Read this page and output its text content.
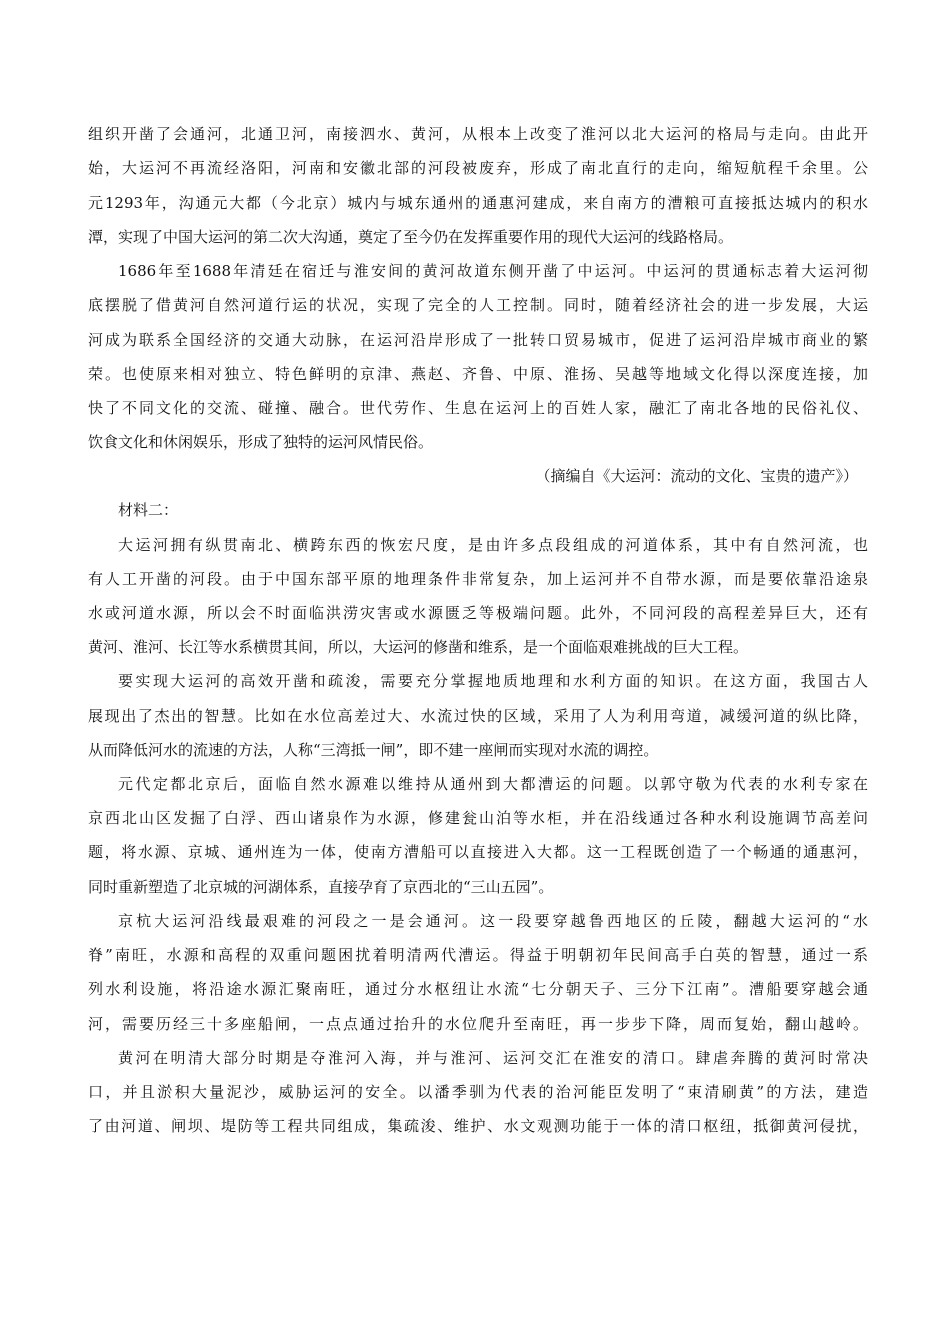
组织开凿了会通河，北通卫河，南接泗水、黄河，从根本上改变了淮河以北大运河的格局与走向。由此开
始，大运河不再流经洛阳，河南和安徽北部的河段被废弃，形成了南北直行的走向，缩短航程千余里。公
元1293年，沟通元大都（今北京）城内与城东通州的通惠河建成，来自南方的漕粮可直接抵达城内的积水
潭，实现了中国大运河的第二次大沟通，奠定了至今仍在发挥重要作用的现代大运河的线路格局。
1686年至1688年清廷在宿迁与淮安间的黄河故道东侧开凿了中运河。中运河的贯通标志着大运河彻
底摆脱了借黄河自然河道行运的状况，实现了完全的人工控制。同时，随着经济社会的进一步发展，大运
河成为联系全国经济的交通大动脉，在运河沿岸形成了一批转口贸易城市，促进了运河沿岸城市商业的繁
荣。也使原来相对独立、特色鲜明的京津、燕赵、齐鲁、中原、淮扬、吴越等地域文化得以深度连接，加
快了不同文化的交流、碰撞、融合。世代劳作、生息在运河上的百姓人家，融汇了南北各地的民俗礼仪、
饮食文化和休闲娱乐，形成了独特的运河风情民俗。
（摘编自《大运河：流动的文化、宝贵的遗产》）
材料二：
大运河拥有纵贯南北、横跨东西的恢宏尺度，是由许多点段组成的河道体系，其中有自然河流，也
有人工开凿的河段。由于中国东部平原的地理条件非常复杂，加上运河并不自带水源，而是要依靠沿途泉
水或河道水源，所以会不时面临洪涝灾害或水源匮乏等极端问题。此外，不同河段的高程差异巨大，还有
黄河、淮河、长江等水系横贯其间，所以，大运河的修凿和维系，是一个面临艰难挑战的巨大工程。
要实现大运河的高效开凿和疏浚，需要充分掌握地质地理和水利方面的知识。在这方面，我国古人
展现出了杰出的智慧。比如在水位高差过大、水流过快的区域，采用了人为利用弯道，减缓河道的纵比降，
从而降低河水的流速的方法，人称“三湾抵一闸”，即不建一座闸而实现对水流的调控。
元代定都北京后，面临自然水源难以维持从通州到大都漕运的问题。以郭守敬为代表的水利专家在
京西北山区发掘了白浮、西山诸泉作为水源，修建瓮山泊等水柜，并在沿线通过各种水利设施调节高差问
题，将水源、京城、通州连为一体，使南方漕船可以直接进入大都。这一工程既创造了一个畅通的通惠河，
同时重新塑造了北京城的河湖体系，直接孕育了京西北的“三山五园”。
京杭大运河沿线最艰难的河段之一是会通河。这一段要穿越鲁西地区的丘陵，翻越大运河的“水
脊”南旺，水源和高程的双重问题困扰着明清两代漕运。得益于明朝初年民间高手白英的智慧，通过一系
列水利设施，将沿途水源汇聚南旺，通过分水枢纽让水流“七分朝天子、三分下江南”。漕船要穿越会通
河，需要历经三十多座船闸，一点点通过抬升的水位爬升至南旺，再一步步下降，周而复始，翻山越岭。
黄河在明清大部分时期是夺淮河入海，并与淮河、运河交汇在淮安的清口。肆虐奔腾的黄河时常决
口，并且淤积大量泥沙，威胁运河的安全。以潘季驯为代表的治河能臣发明了“束清刷黄”的方法，建造
了由河道、闸坝、堤防等工程共同组成，集疏浚、维护、水文观测功能于一体的清口枢纽，抵御黄河侵扰，
